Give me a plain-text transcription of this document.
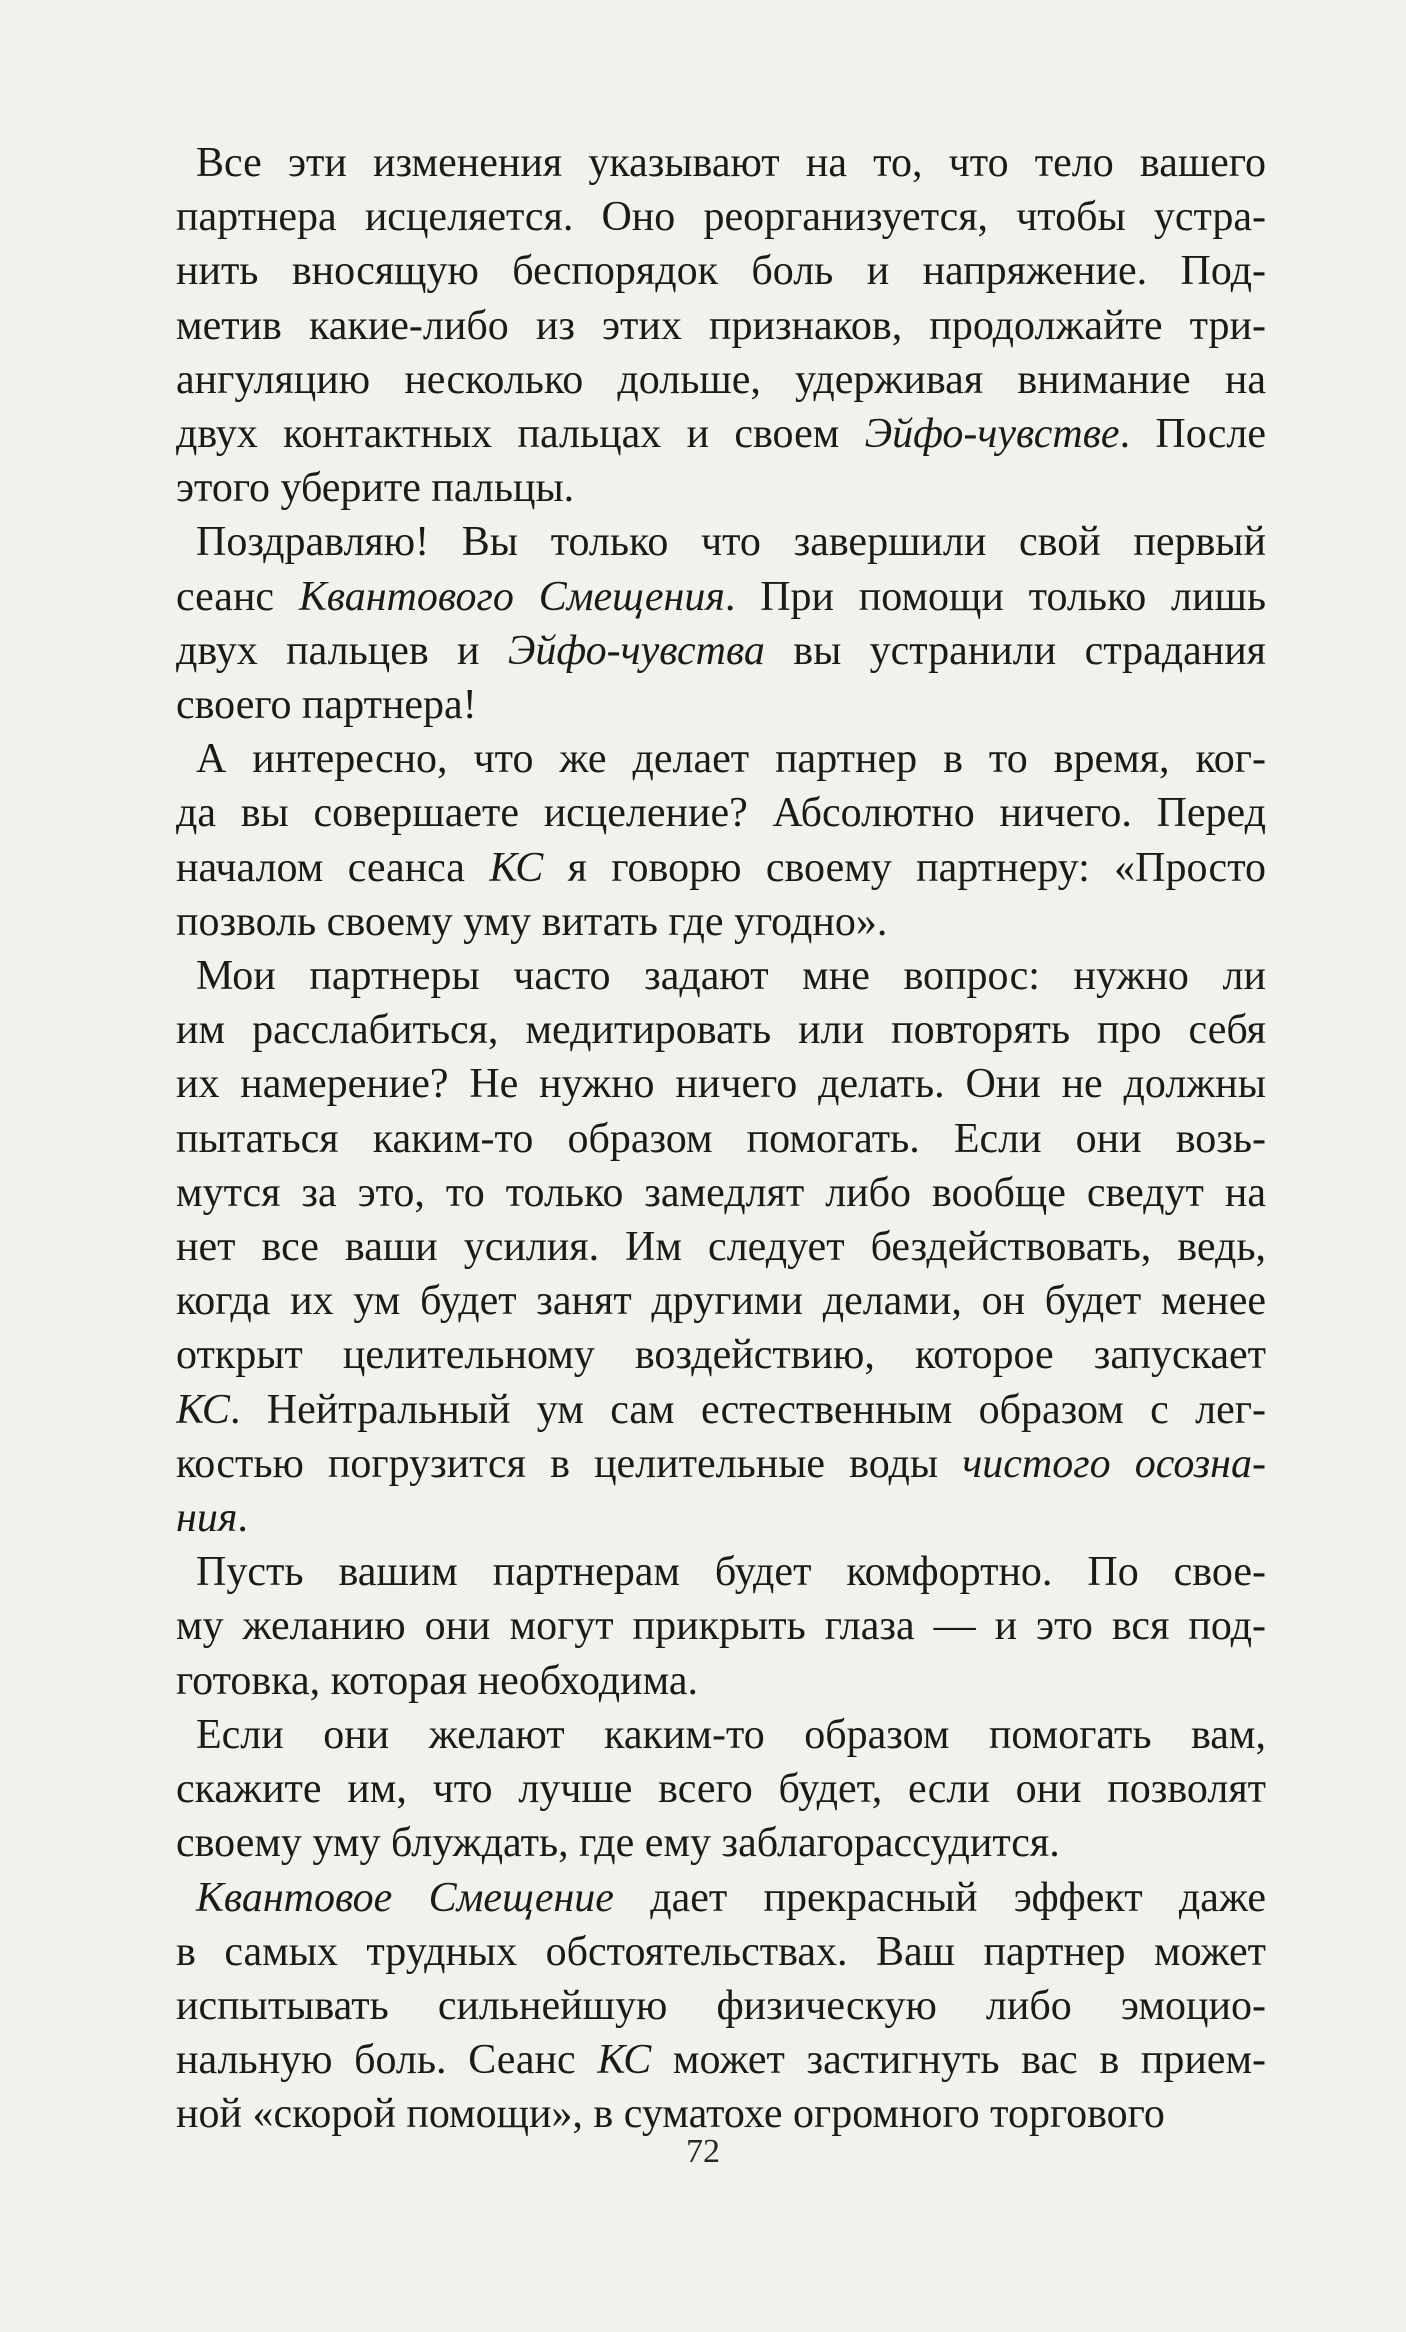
Все эти изменения указывают на то, что тело вашего
партнера исцеляется. Оно реорганизуется, чтобы устра-
нить вносящую беспорядок боль и напряжение. Под-
метив какие-либо из этих признаков, продолжайте три-
ангуляцию несколько дольше, удерживая внимание на
двух контактных пальцах и своем Эйфо-чувстве. После
этого уберите пальцы.

Поздравляю! Вы только что завершили свой первый
сеанс Квантового Смещения. При помощи только лишь
двух пальцев и Эйфо-чувства вы устранили страдания
своего партнера!

А интересно, что же делает партнер в то время, ког-
да вы совершаете исцеление? Абсолютно ничего. Перед
началом сеанса КС я говорю своему партнеру: «Просто
позволь своему уму витать где угодно».

Мои партнеры часто задают мне вопрос: нужно ли
им расслабиться, медитировать или повторять про себя
их намерение? Не нужно ничего делать. Они не должны
пытаться каким-то образом помогать. Если они возь-
мутся за это, то только замедлят либо вообще сведут на
нет все ваши усилия. Им следует бездействовать, ведь,
когда их ум будет занят другими делами, он будет менее
открыт целительному воздействию, которое запускает
КС. Нейтральный ум сам естественным образом с лег-
костью погрузится в целительные воды чистого осозна-
ния.

Пусть вашим партнерам будет комфортно. По свое-
му желанию они могут прикрыть глаза — и это вся под-
готовка, которая необходима.

Если они желают каким-то образом помогать вам,
скажите им, что лучше всего будет, если они позволят
своему уму блуждать, где ему заблагорассудится.

Квантовое Смещение дает прекрасный эффект даже
в самых трудных обстоятельствах. Ваш партнер может
испытывать сильнейшую физическую либо эмоцио-
нальную боль. Сеанс КС может застигнуть вас в прием-
ной «скорой помощи», в суматохе огромного торгового

72
